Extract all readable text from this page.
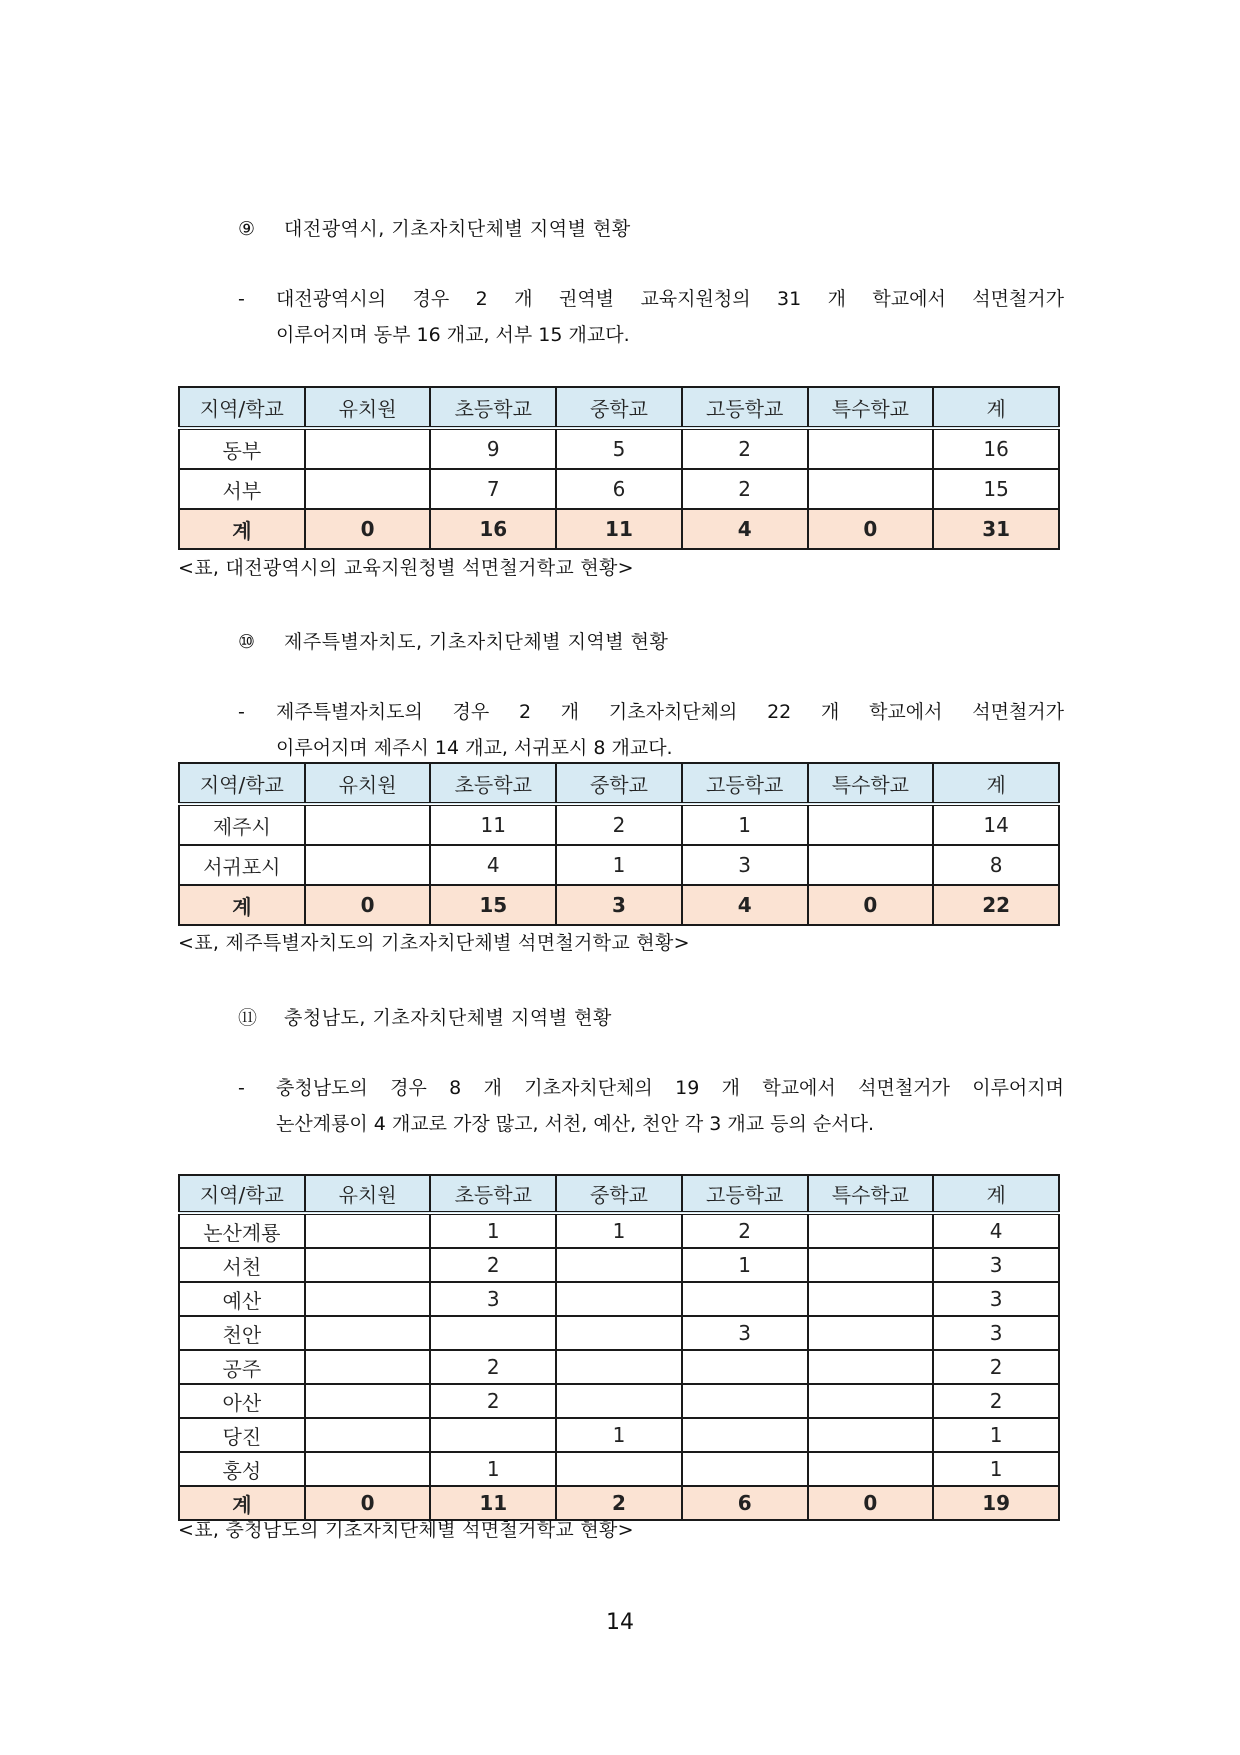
⑨ 대전광역시, 기초자치단체별 지역별 현황
- 대전광역시의 경우 2 개 권역별 교육지원청의 31 개 학교에서 석면철거가
이루어지며 동부 16 개교, 서부 15 개교다.
지역/학교	유치원	초등학교	중학교	고등학교	특수학교	계
동부		9	5	2		16
서부		7	6	2		15
계	0	16	11	4	0	31
<표, 대전광역시의 교육지원청별 석면철거학교 현황>
⑩ 제주특별자치도, 기초자치단체별 지역별 현황
- 제주특별자치도의 경우 2 개 기초자치단체의 22 개 학교에서 석면철거가
이루어지며 제주시 14 개교, 서귀포시 8 개교다.
지역/학교	유치원	초등학교	중학교	고등학교	특수학교	계
제주시		11	2	1		14
서귀포시		4	1	3		8
계	0	15	3	4	0	22
<표, 제주특별자치도의 기초자치단체별 석면철거학교 현황>
⑪ 충청남도, 기초자치단체별 지역별 현황
- 충청남도의 경우 8 개 기초자치단체의 19 개 학교에서 석면철거가 이루어지며
논산계룡이 4 개교로 가장 많고, 서천, 예산, 천안 각 3 개교 등의 순서다.
지역/학교	유치원	초등학교	중학교	고등학교	특수학교	계
논산계룡		1	1	2		4
서천		2		1		3
예산		3				3
천안				3		3
공주		2				2
아산		2				2
당진			1			1
홍성		1				1
계	0	11	2	6	0	19
<표, 충청남도의 기초자치단체별 석면철거학교 현황>
14
